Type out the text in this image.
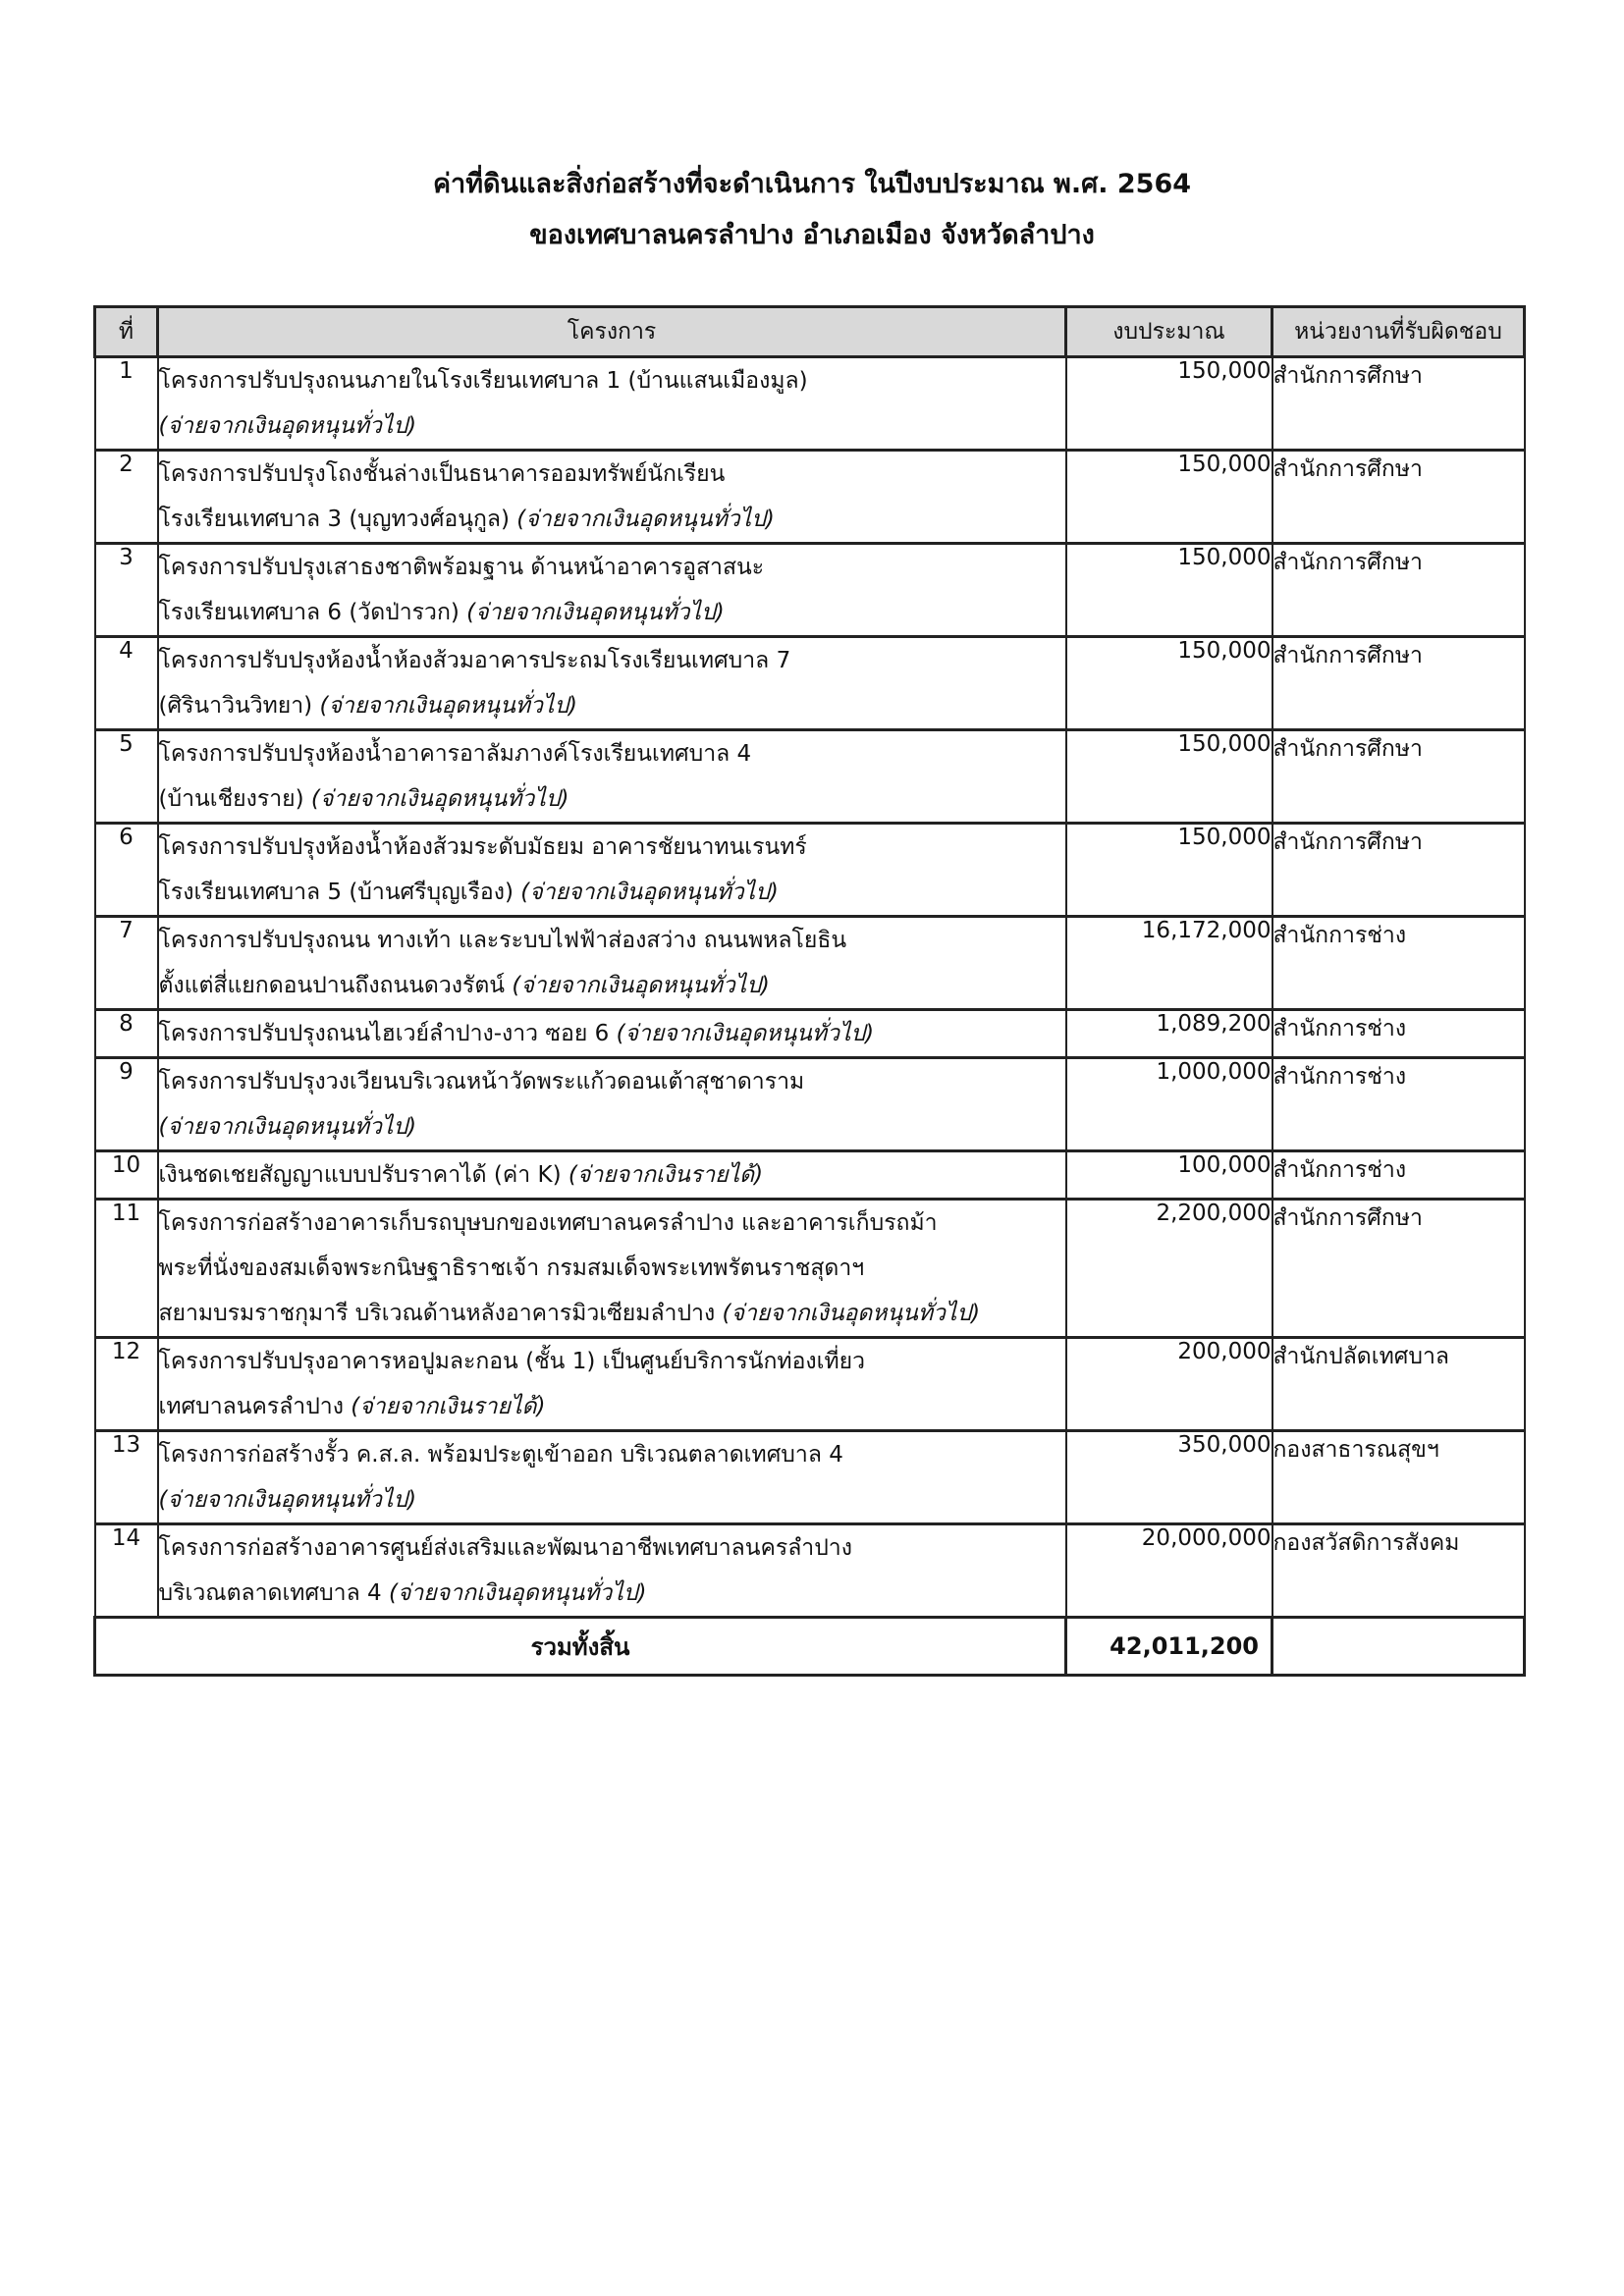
ค่าที่ดินและสิ่งก่อสร้างที่จะดำเนินการ ในปีงบประมาณ พ.ศ. 2564
ของเทศบาลนครลำปาง อำเภอเมือง จังหวัดลำปาง
ที่	โครงการ	งบประมาณ	หน่วยงานที่รับผิดชอบ
1	โครงการปรับปรุงถนนภายในโรงเรียนเทศบาล 1 (บ้านแสนเมืองมูล)
(จ่ายจากเงินอุดหนุนทั่วไป)	150,000	สำนักการศึกษา
2	โครงการปรับปรุงโถงชั้นล่างเป็นธนาคารออมทรัพย์นักเรียน
โรงเรียนเทศบาล 3 (บุญทวงศ์อนุกูล) (จ่ายจากเงินอุดหนุนทั่วไป)	150,000	สำนักการศึกษา
3	โครงการปรับปรุงเสาธงชาติพร้อมฐาน ด้านหน้าอาคารอูสาสนะ
โรงเรียนเทศบาล 6 (วัดป่ารวก) (จ่ายจากเงินอุดหนุนทั่วไป)	150,000	สำนักการศึกษา
4	โครงการปรับปรุงห้องน้ำห้องส้วมอาคารประถมโรงเรียนเทศบาล 7
(ศิรินาวินวิทยา) (จ่ายจากเงินอุดหนุนทั่วไป)	150,000	สำนักการศึกษา
5	โครงการปรับปรุงห้องน้ำอาคารอาลัมภางค์โรงเรียนเทศบาล 4
(บ้านเชียงราย) (จ่ายจากเงินอุดหนุนทั่วไป)	150,000	สำนักการศึกษา
6	โครงการปรับปรุงห้องน้ำห้องส้วมระดับมัธยม อาคารชัยนาทนเรนทร์
โรงเรียนเทศบาล 5 (บ้านศรีบุญเรือง) (จ่ายจากเงินอุดหนุนทั่วไป)	150,000	สำนักการศึกษา
7	โครงการปรับปรุงถนน ทางเท้า และระบบไฟฟ้าส่องสว่าง ถนนพหลโยธิน
ตั้งแต่สี่แยกดอนปานถึงถนนดวงรัตน์ (จ่ายจากเงินอุดหนุนทั่วไป)	16,172,000	สำนักการช่าง
8	โครงการปรับปรุงถนนไฮเวย์ลำปาง-งาว ซอย 6 (จ่ายจากเงินอุดหนุนทั่วไป)	1,089,200	สำนักการช่าง
9	โครงการปรับปรุงวงเวียนบริเวณหน้าวัดพระแก้วดอนเต้าสุชาดาราม
(จ่ายจากเงินอุดหนุนทั่วไป)	1,000,000	สำนักการช่าง
10	เงินชดเชยสัญญาแบบปรับราคาได้ (ค่า K) (จ่ายจากเงินรายได้)	100,000	สำนักการช่าง
11	โครงการก่อสร้างอาคารเก็บรถบุษบกของเทศบาลนครลำปาง และอาคารเก็บรถม้า
พระที่นั่งของสมเด็จพระกนิษฐาธิราชเจ้า กรมสมเด็จพระเทพรัตนราชสุดาฯ
สยามบรมราชกุมารี บริเวณด้านหลังอาคารมิวเซียมลำปาง (จ่ายจากเงินอุดหนุนทั่วไป)	2,200,000	สำนักการศึกษา
12	โครงการปรับปรุงอาคารหอปูมละกอน (ชั้น 1) เป็นศูนย์บริการนักท่องเที่ยว
เทศบาลนครลำปาง (จ่ายจากเงินรายได้)	200,000	สำนักปลัดเทศบาล
13	โครงการก่อสร้างรั้ว ค.ส.ล. พร้อมประตูเข้าออก บริเวณตลาดเทศบาล 4
(จ่ายจากเงินอุดหนุนทั่วไป)	350,000	กองสาธารณสุขฯ
14	โครงการก่อสร้างอาคารศูนย์ส่งเสริมและพัฒนาอาชีพเทศบาลนครลำปาง
บริเวณตลาดเทศบาล 4 (จ่ายจากเงินอุดหนุนทั่วไป)	20,000,000	กองสวัสดิการสังคม
รวมทั้งสิ้น		42,011,200	
